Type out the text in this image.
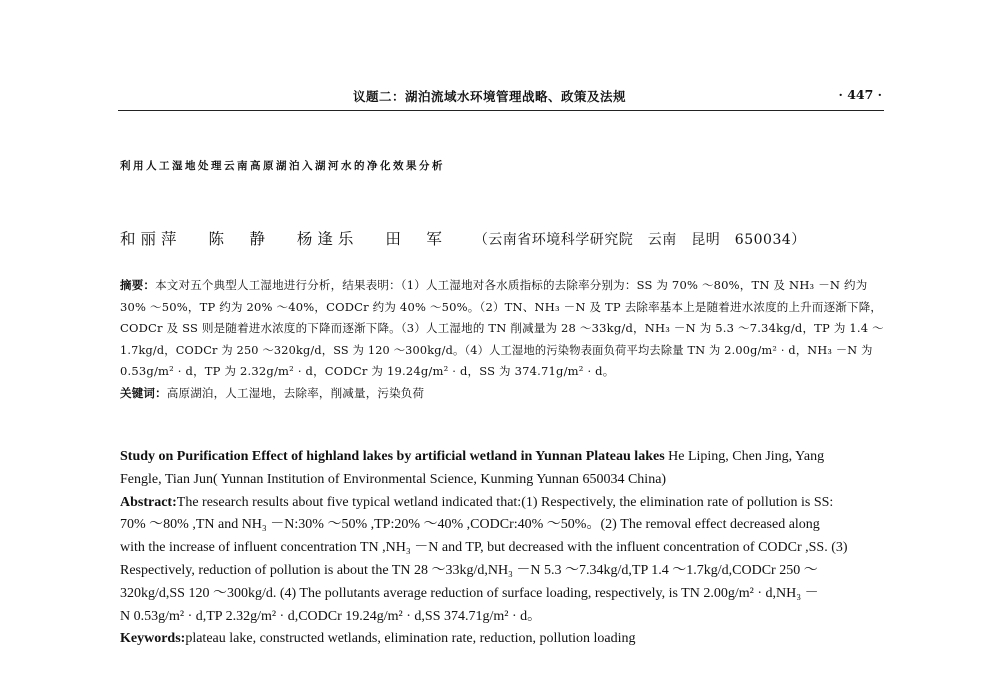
议题二：湖泊流域水环境管理战略、政策及法规	· 447 ·
利用人工湿地处理云南高原湖泊入湖河水的净化效果分析
和丽萍 陈　静 杨逢乐 田　军 （云南省环境科学研究院　云南　昆明　650034）
摘要：本文对五个典型人工湿地进行分析，结果表明：（1）人工湿地对各水质指标的去除率分别为：SS 为 70% ～80%，TN 及 NH₃ －N 约为
30% ～50%，TP 约为 20% ～40%，CODCr 约为 40% ～50%。（2）TN、NH₃ －N 及 TP 去除率基本上是随着进水浓度的上升而逐渐下降，
CODCr 及 SS 则是随着进水浓度的下降而逐渐下降。（3）人工湿地的 TN 削减量为 28 ～33kg/d，NH₃ －N 为 5.3 ～7.34kg/d，TP 为 1.4 ～
1.7kg/d，CODCr 为 250 ～320kg/d，SS 为 120 ～300kg/d。（4）人工湿地的污染物表面负荷平均去除量 TN 为 2.00g/m² · d，NH₃ －N 为
0.53g/m² · d，TP 为 2.32g/m² · d，CODCr 为 19.24g/m² · d，SS 为 374.71g/m² · d。
关键词：高原湖泊，人工湿地，去除率，削减量，污染负荷
Study on Purification Effect of highland lakes by artificial wetland in Yunnan Plateau lakes He Liping, Chen Jing, Yang
Fengle, Tian Jun( Yunnan Institution of Environmental Science, Kunming Yunnan 650034 China)
Abstract:The research results about five typical wetland indicated that:(1) Respectively, the elimination rate of pollution is SS:
70% ～80% ,TN and NH₃ －N:30% ～50% ,TP:20% ～40% ,CODCr:40% ～50%。(2) The removal effect decreased along
with the increase of influent concentration TN ,NH₃ －N and TP, but decreased with the influent concentration of CODCr ,SS. (3)
Respectively, reduction of pollution is about the TN 28 ～33kg/d,NH₃ －N 5.3 ～7.34kg/d,TP 1.4 ～1.7kg/d,CODCr 250 ～
320kg/d,SS 120 ～300kg/d. (4) The pollutants average reduction of surface loading, respectively, is TN 2.00g/m² · d,NH₃ －
N 0.53g/m² · d,TP 2.32g/m² · d,CODCr 19.24g/m² · d,SS 374.71g/m² · d。
Keywords:plateau lake, constructed wetlands, elimination rate, reduction, pollution loading
